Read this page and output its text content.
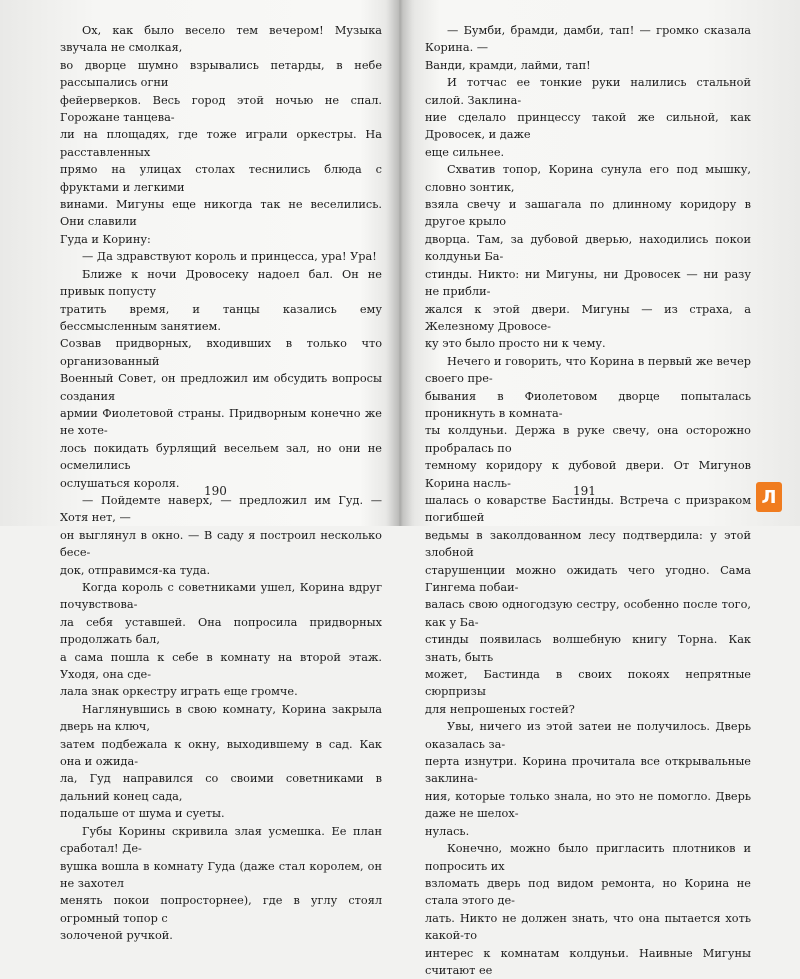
Ох, как было весело тем вечером! Музыка звучала не смолкая,
во дворце шумно взрывались петарды, в небе рассыпались огни
фейерверков. Весь город этой ночью не спал. Горожане танцева-
ли на площадях, где тоже играли оркестры. На расставленных
прямо на улицах столах теснились блюда с фруктами и легкими
винами. Мигуны еще никогда так не веселились. Они славили
Гуда и Корину:

— Да здравствуют король и принцесса, ура! Ура!

Ближе к ночи Дровосеку надоел бал. Он не привык попусту
тратить время, и танцы казались ему бессмысленным занятием.
Созвав придворных, входивших в только что организованный
Военный Совет, он предложил им обсудить вопросы создания
армии Фиолетовой страны. Придворным конечно же не хоте-
лось покидать бурлящий весельем зал, но они не осмелились
ослушаться короля.

— Пойдемте наверх, — предложил им Гуд. — Хотя нет, —
он выглянул в окно. — В саду я построил несколько бесе-
док, отправимся-ка туда.

Когда король с советниками ушел, Корина вдруг почувствова-
ла себя уставшей. Она попросила придворных продолжать бал,
а сама пошла к себе в комнату на второй этаж. Уходя, она сде-
лала знак оркестру играть еще громче.

Наглянувшись в свою комнату, Корина закрыла дверь на ключ,
затем подбежала к окну, выходившему в сад. Как она и ожида-
ла, Гуд направился со своими советниками в дальний конец сада,
подальше от шума и суеты.

Губы Корины скривила злая усмешка. Ее план сработал! Де-
вушка вошла в комнату Гуда (даже стал королем, он не захотел
менять покои попросторнее), где в углу стоял огромный топор с
золоченой ручкой.

190

— Бумби, брамди, дамби, тап! — громко сказала Корина. —
Ванди, крамди, лайми, тап!

И тотчас ее тонкие руки налились стальной силой. Заклина-
ние сделало принцессу такой же сильной, как Дровосек, и даже
еще сильнее.

Схватив топор, Корина сунула его под мышку, словно зонтик,
взяла свечу и зашагала по длинному коридору в другое крыло
дворца. Там, за дубовой дверью, находились покои колдуньи Ба-
стинды. Никто: ни Мигуны, ни Дровосек — ни разу не прибли-
жался к этой двери. Мигуны — из страха, а Железному Дровосе-
ку это было просто ни к чему.

Нечего и говорить, что Корина в первый же вечер своего пре-
бывания в Фиолетовом дворце попыталась проникнуть в комната-
ты колдуньи. Держа в руке свечу, она осторожно пробралась по
темному коридору к дубовой двери. От Мигунов Корина насль-
шалась о коварстве Бастинды. Встреча с призраком погибшей
ведьмы в заколдованном лесу подтвердила: у этой злобной
старушенции можно ожидать чего угодно. Сама Гингема побаи-
валась свою одногодзую сестру, особенно после того, как у Ба-
стинды появилась волшебную книгу Торна. Как знать, быть
может, Бастинда в своих покоях непрятные сюрпризы
для непрошеных гостей?

Увы, ничего из этой затеи не получилось. Дверь оказалась за-
перта изнутри. Корина прочитала все открывальные заклина-
ния, которые только знала, но это не помогло. Дверь даже не шелох-
нулась.

Конечно, можно было пригласить плотников и попросить их
взломать дверь под видом ремонта, но Корина не стала этого де-
лать. Никто не должен знать, что она пытается хоть какой-то
интерес к комнатам колдуньи. Наивные Мигуны считают ее

191	Л
